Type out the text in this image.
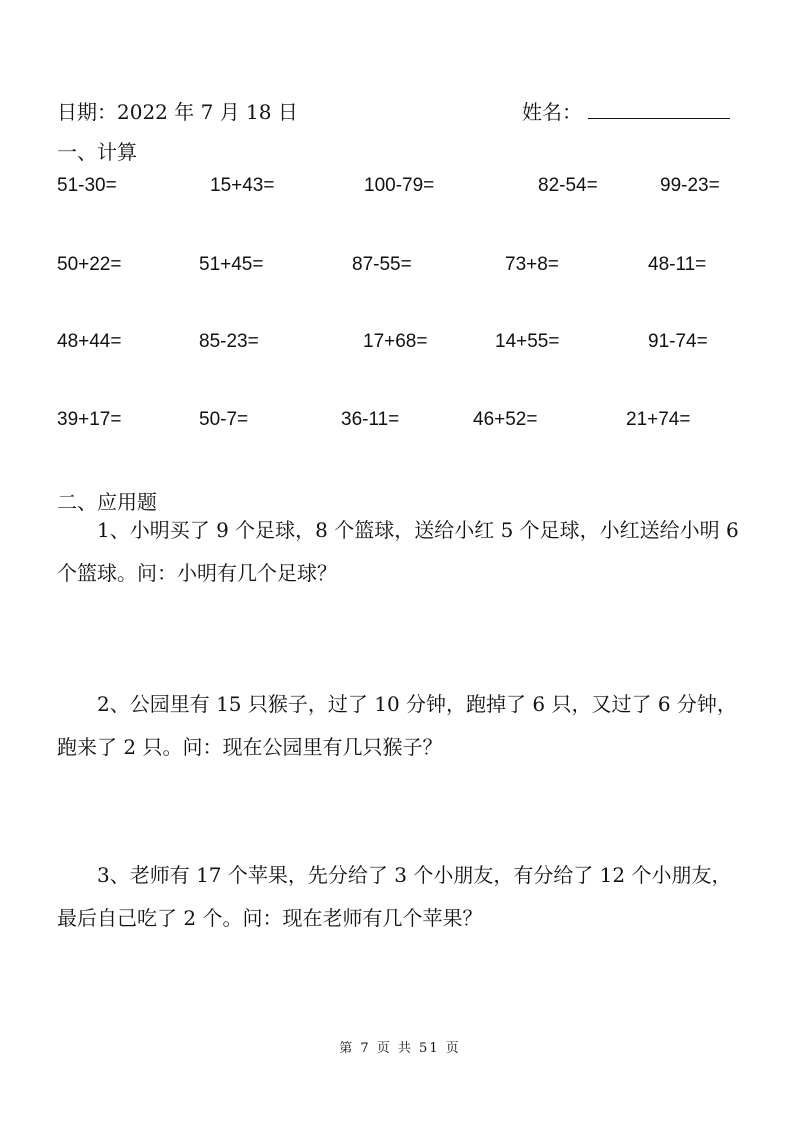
日期：2022 年 7 月 18 日	姓名：
一、计算
51-30=	15+43=	100-79=	82-54=	99-23=
50+22=	51+45=	87-55=	73+8=	48-11=
48+44=	85-23=	17+68=	14+55=	91-74=
39+17=	50-7=	36-11=	46+52=	21+74=
二、应用题
1、小明买了 9 个足球，8 个篮球，送给小红 5 个足球，小红送给小明 6 个篮球。问：小明有几个足球？
2、公园里有 15 只猴子，过了 10 分钟，跑掉了 6 只，又过了 6 分钟，跑来了 2 只。问：现在公园里有几只猴子？
3、老师有 17 个苹果，先分给了 3 个小朋友，有分给了 12 个小朋友，最后自己吃了 2 个。问：现在老师有几个苹果？
第 7 页 共 51 页
